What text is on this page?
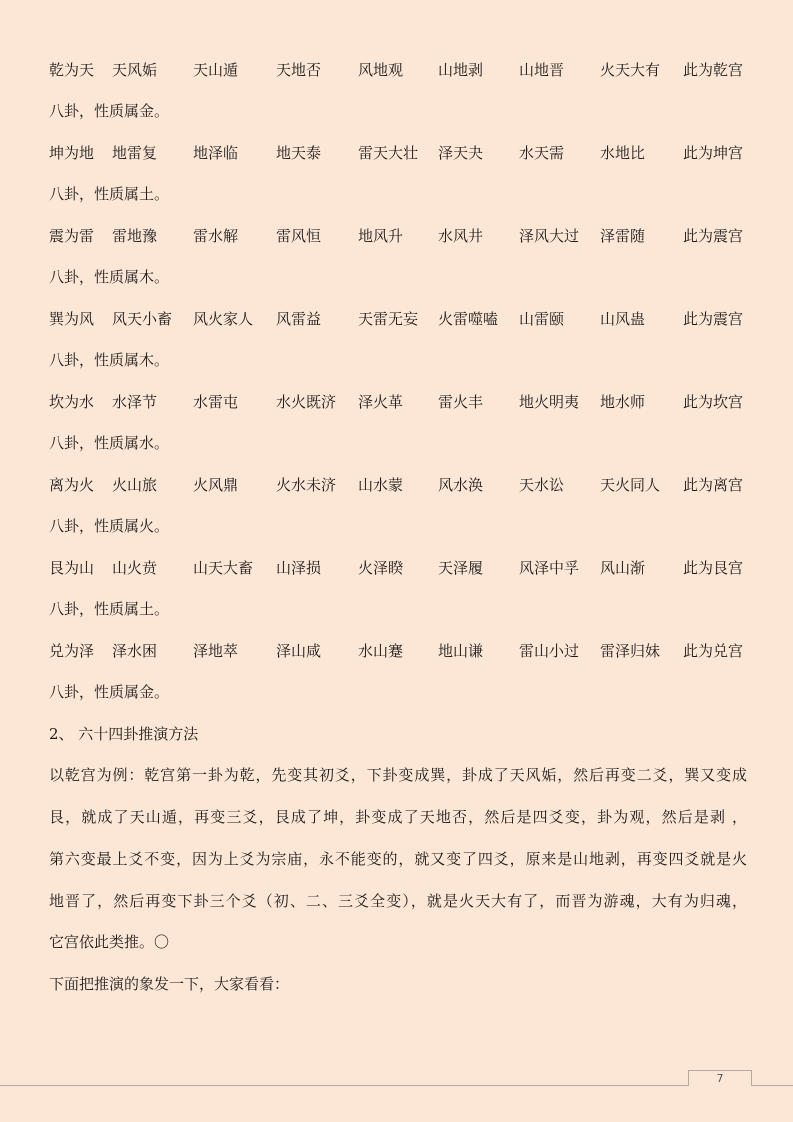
乾为天 天风姤 天山遁	天地否 风地观 山地剥 山地晋 火天大有 此为乾宫
八卦，性质属金。
坤为地 地雷复 地泽临	地天泰 雷天大壮 泽天夬 水天需 水地比	此为坤宫
八卦，性质属土。
震为雷 雷地豫 雷水解	雷风恒 地风升 水风井 泽风大过 泽雷随	此为震宫
八卦，性质属木。
巽为风 风天小畜 风火家人 风雷益 天雷无妄 火雷噬嗑 山雷颐 山风蛊	此为震宫
八卦，性质属木。
坎为水 水泽节 水雷屯	水火既济 泽火革 雷火丰 地火明夷 地水师	此为坎宫
八卦，性质属水。
离为火 火山旅 火风鼎	火水未济 山水蒙 风水涣 天水讼 天火同人 此为离宫
八卦，性质属火。
艮为山 山火贲 山天大畜 山泽损 火泽睽 天泽履 风泽中孚 风山渐	此为艮宫
八卦，性质属土。
兑为泽 泽水困 泽地萃	泽山咸 水山蹇 地山谦 雷山小过 雷泽归妹 此为兑宫
八卦，性质属金。
2、 六十四卦推演方法
以乾宫为例：乾宫第一卦为乾，先变其初爻，下卦变成巽，卦成了天风姤，然后再变二爻，巽又变成
艮，就成了天山遁，再变三爻，艮成了坤，卦变成了天地否，然后是四爻变，卦为观，然后是剥 ，
第六变最上爻不变，因为上爻为宗庙，永不能变的，就又变了四爻，原来是山地剥，再变四爻就是火
地晋了，然后再变下卦三个爻（初、二、三爻全变），就是火天大有了，而晋为游魂，大有为归魂，
它宫依此类推。〇
下面把推演的象发一下，大家看看：
7
